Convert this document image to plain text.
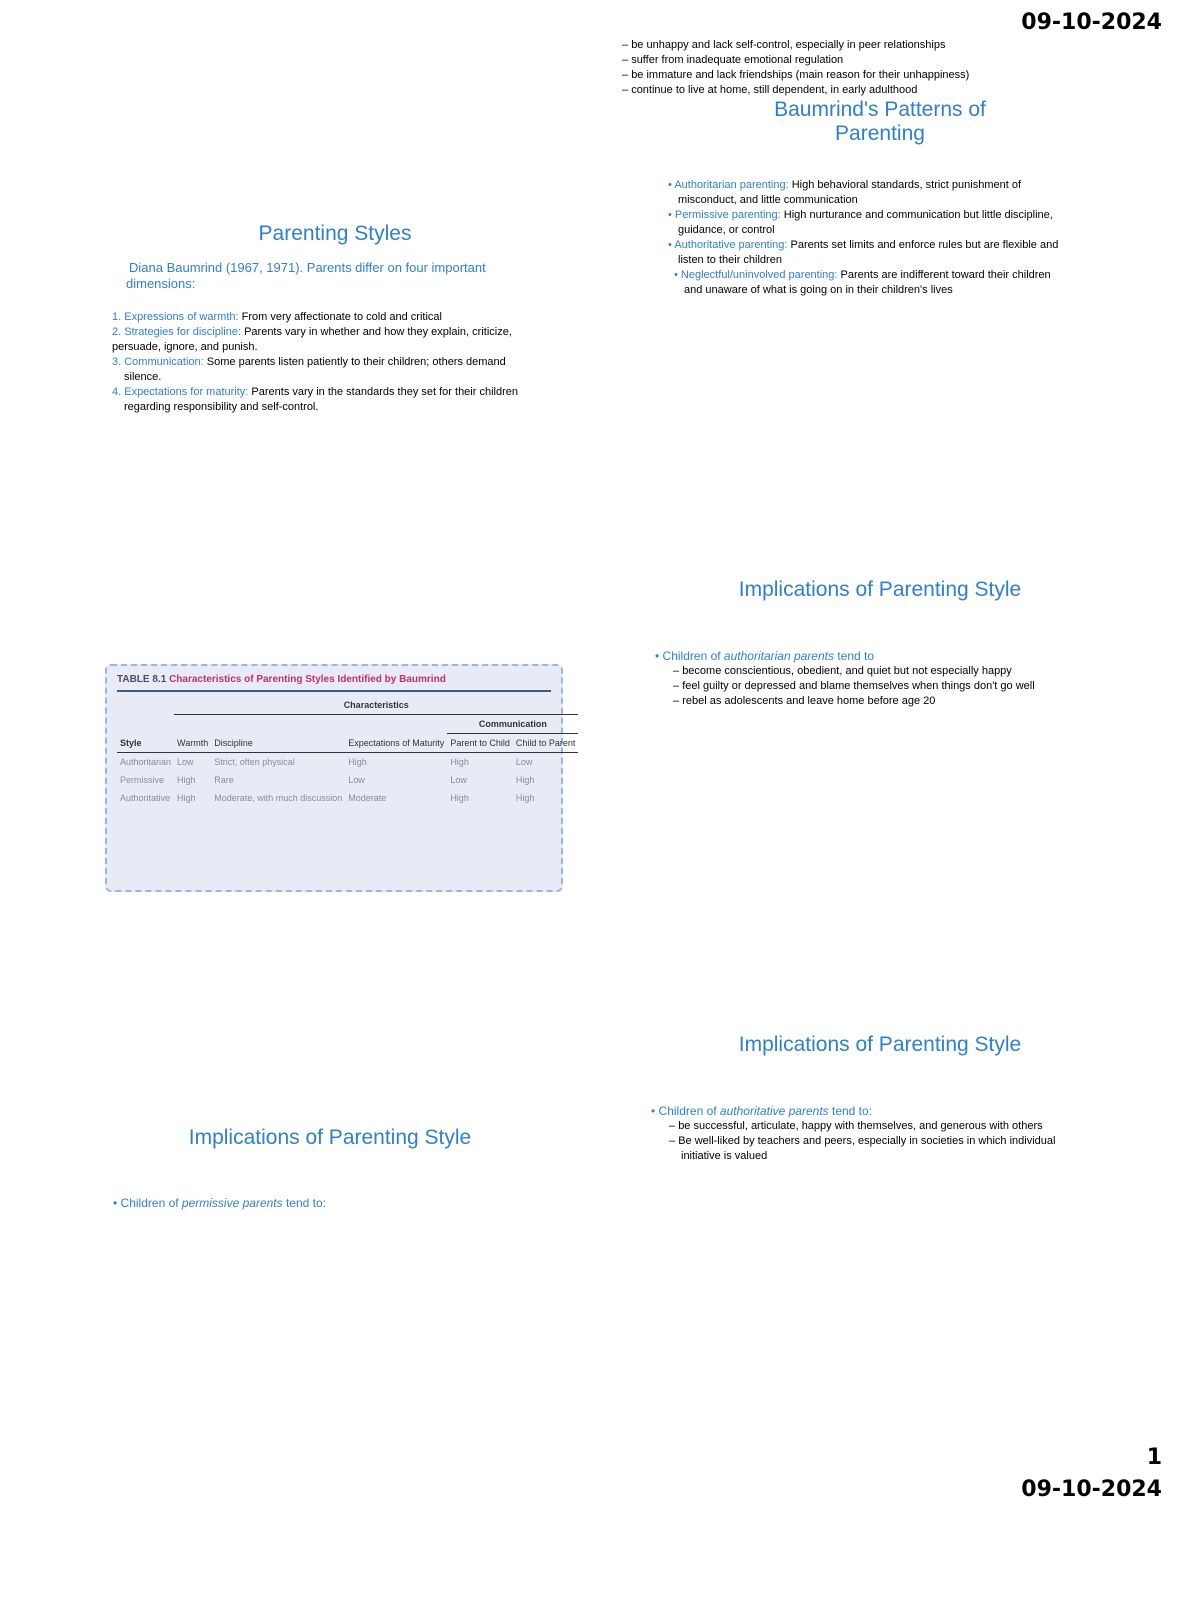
09-10-2024
– be unhappy and lack self-control, especially in peer relationships
– suffer from inadequate emotional regulation
– be immature and lack friendships (main reason for their unhappiness)
– continue to live at home, still dependent, in early adulthood
Baumrind's Patterns of
Parenting
• Authoritarian parenting: High behavioral standards, strict punishment of misconduct, and little communication
• Permissive parenting: High nurturance and communication but little discipline, guidance, or control
• Authoritative parenting: Parents set limits and enforce rules but are flexible and listen to their children
• Neglectful/uninvolved parenting: Parents are indifferent toward their children and unaware of what is going on in their children's lives
Parenting Styles
Diana Baumrind (1967, 1971). Parents differ on four important dimensions:
1. Expressions of warmth: From very affectionate to cold and critical
2. Strategies for discipline: Parents vary in whether and how they explain, criticize, persuade, ignore, and punish.
3. Communication: Some parents listen patiently to their children; others demand silence.
4. Expectations for maturity: Parents vary in the standards they set for their children regarding responsibility and self-control.
Implications of Parenting Style
• Children of authoritarian parents tend to
– become conscientious, obedient, and quiet but not especially happy
– feel guilty or depressed and blame themselves when things don't go well
– rebel as adolescents and leave home before age 20
TABLE 8.1 Characteristics of Parenting Styles Identified by Baumrind
	Characteristics				
				Communication	
Style	Warmth	Discipline	Expectations of Maturity	Parent to Child	Child to Parent
Authoritarian	Low	Strict, often physical	High	High	Low
Permissive	High	Rare	Low	Low	High
Authoritative	High	Moderate, with much discussion	Moderate	High	High
Implications of Parenting Style
• Children of authoritative parents tend to:
– be successful, articulate, happy with themselves, and generous with others
– Be well-liked by teachers and peers, especially in societies in which individual initiative is valued
Implications of Parenting Style
• Children of permissive parents tend to:
1
09-10-2024
